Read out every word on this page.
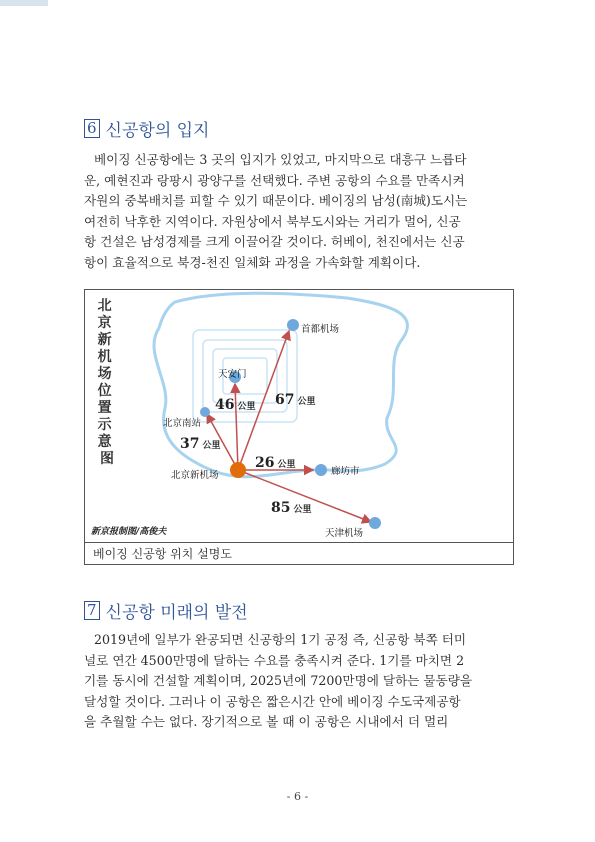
6 신공항의 입지

베이징 신공항에는 3 곳의 입지가 있었고, 마지막으로 대흥구 느릅타
운, 예현진과 랑팡시 광양구를 선택했다. 주변 공항의 수요를 만족시켜
자원의 중복배치를 피할 수 있기 때문이다. 베이징의 남성(南城)도시는
여전히 낙후한 지역이다. 자원상에서 북부도시와는 거리가 멀어, 신공
항 건설은 남성경제를 크게 이끌어갈 것이다. 허베이, 천진에서는 신공
항이 효율적으로 북경-천진 일체화 과정을 가속화할 계획이다.

北 京 新 机 场 位 置 示 意 图
首都机场
天安门
北京南站
北京新机场	廊坊市
天津机场
46 公里 67 公里
37 公里
26 公里
85 公里
新京报制图/高俊夫
베이징 신공항 위치 설명도
7 신공항 미래의 발전

2019년에 일부가 완공되면 신공항의 1기 공정 즉, 신공항 북쪽 터미
널로 연간 4500만명에 달하는 수요를 충족시켜 준다. 1기를 마치면 2
기를 동시에 건설할 계획이며, 2025년에 7200만명에 달하는 물동량을
달성할 것이다. 그러나 이 공항은 짧은시간 안에 베이징 수도국제공항
을 추월할 수는 없다. 장기적으로 볼 때 이 공항은 시내에서 더 멀리

- 6 -
